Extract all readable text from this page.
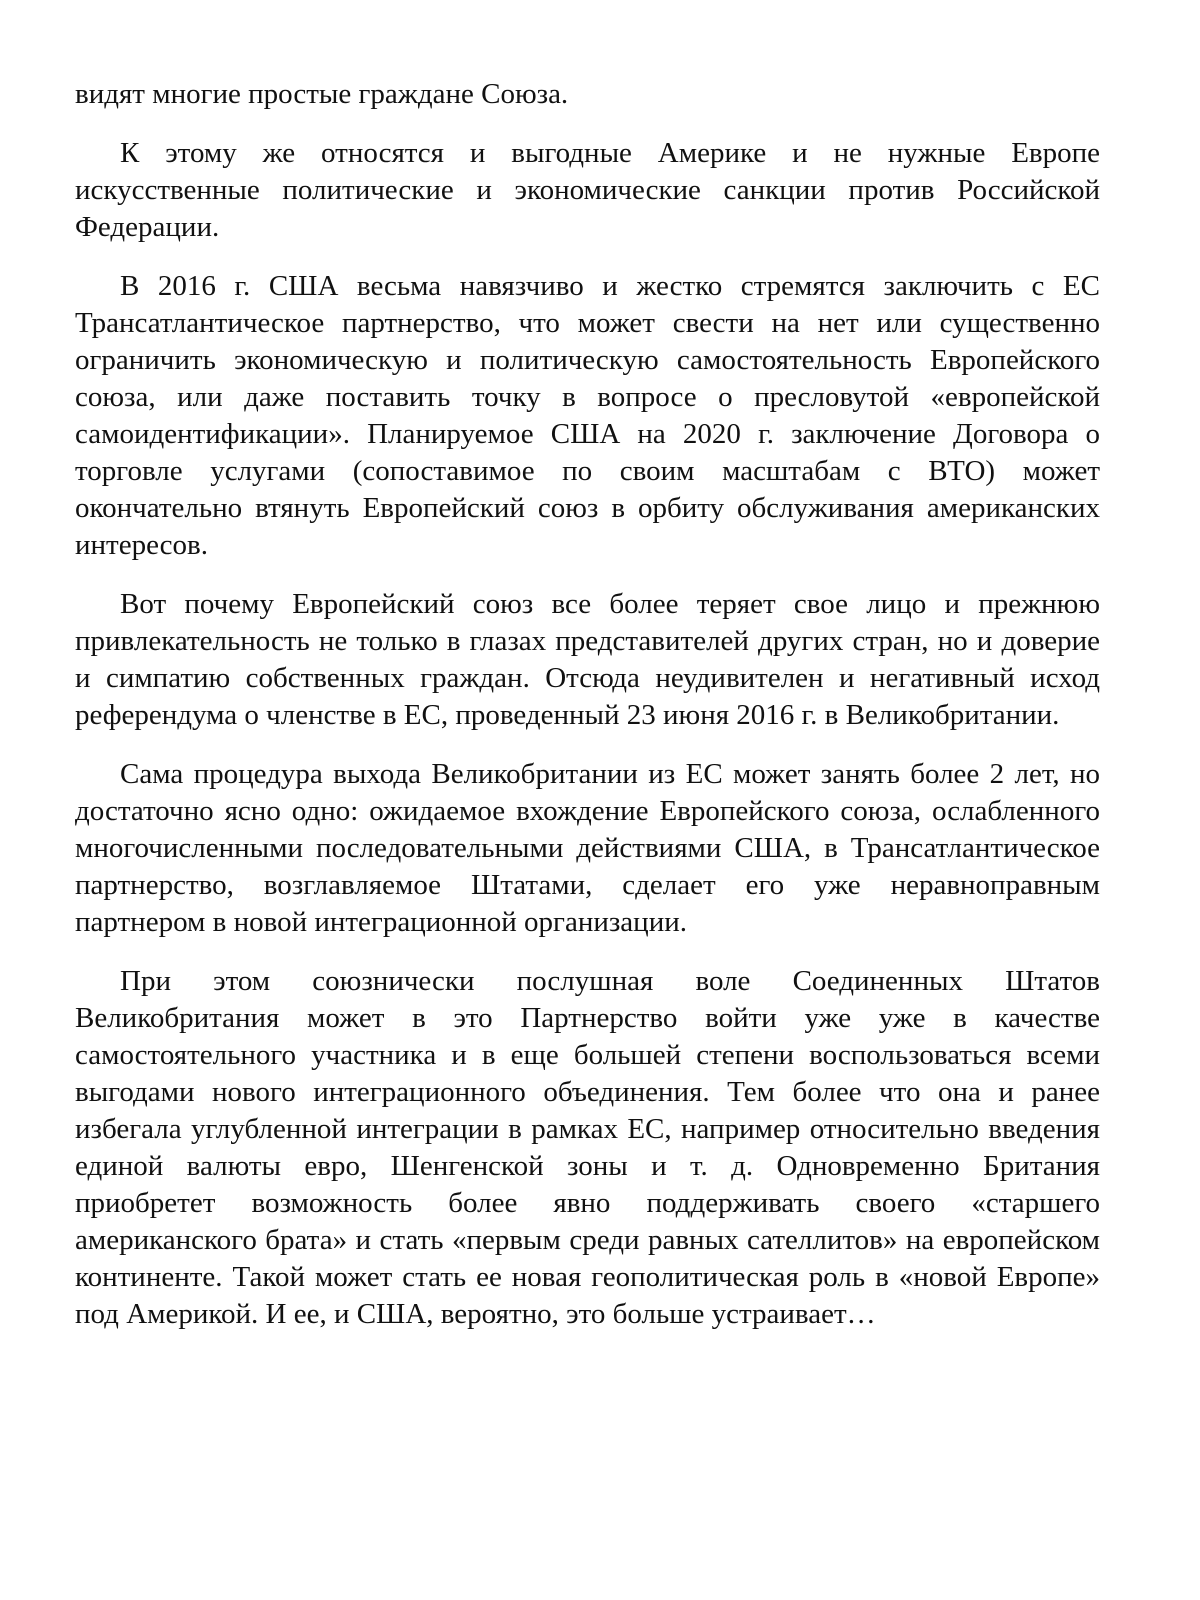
видят многие простые граждане Союза.

К этому же относятся и выгодные Америке и не нужные Европе искусственные политические и экономические санкции против Российской Федерации.

В 2016 г. США весьма навязчиво и жестко стремятся заключить с ЕС Трансатлантическое партнерство, что может свести на нет или существенно ограничить экономическую и политическую самостоятельность Европейского союза, или даже поставить точку в вопросе о пресловутой «европейской самоидентификации». Планируемое США на 2020 г. заключение Договора о торговле услугами (сопоставимое по своим масштабам с ВТО) может окончательно втянуть Европейский союз в орбиту обслуживания американских интересов.

Вот почему Европейский союз все более теряет свое лицо и прежнюю привлекательность не только в глазах представителей других стран, но и доверие и симпатию собственных граждан. Отсюда неудивителен и негативный исход референдума о членстве в ЕС, проведенный 23 июня 2016 г. в Великобритании.

Сама процедура выхода Великобритании из ЕС может занять более 2 лет, но достаточно ясно одно: ожидаемое вхождение Европейского союза, ослабленного многочисленными последовательными действиями США, в Трансатлантическое партнерство, возглавляемое Штатами, сделает его уже неравноправным партнером в новой интеграционной организации.

При этом союзнически послушная воле Соединенных Штатов Великобритания может в это Партнерство войти уже уже в качестве самостоятельного участника и в еще большей степени воспользоваться всеми выгодами нового интеграционного объединения. Тем более что она и ранее избегала углубленной интеграции в рамках ЕС, например относительно введения единой валюты евро, Шенгенской зоны и т. д. Одновременно Британия приобретет возможность более явно поддерживать своего «старшего американского брата» и стать «первым среди равных сателлитов» на европейском континенте. Такой может стать ее новая геополитическая роль в «новой Европе» под Америкой. И ее, и США, вероятно, это больше устраивает…
